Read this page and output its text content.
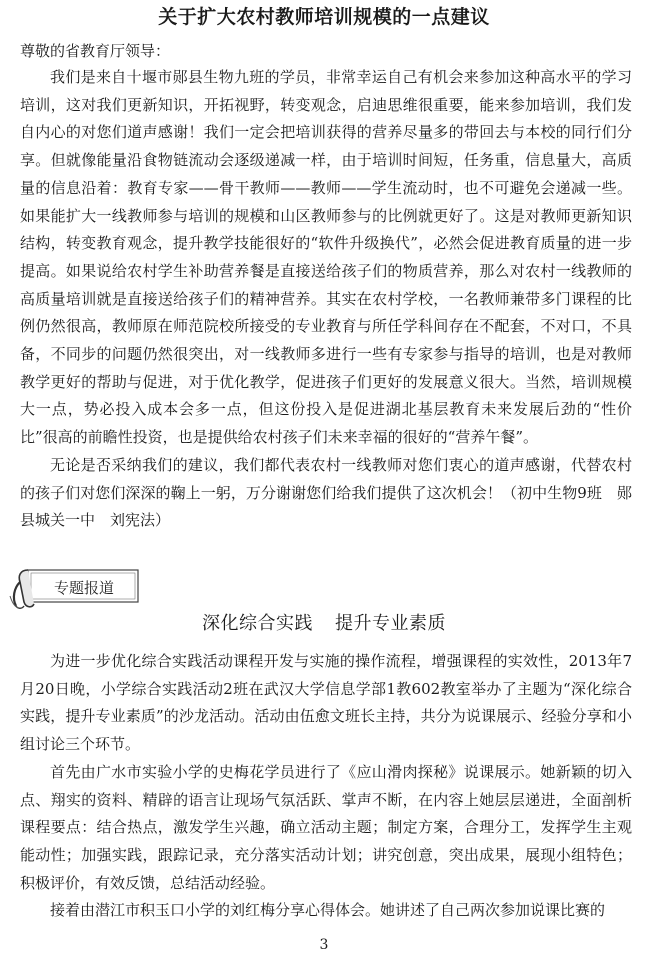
关于扩大农村教师培训规模的一点建议
尊敬的省教育厅领导：

我们是来自十堰市郧县生物九班的学员，非常幸运自己有机会来参加这种高水平的学习培训，这对我们更新知识，开拓视野，转变观念，启迪思维很重要，能来参加培训，我们发自内心的对您们道声感谢！我们一定会把培训获得的营养尽量多的带回去与本校的同行们分享。但就像能量沿食物链流动会逐级递减一样，由于培训时间短，任务重，信息量大，高质量的信息沿着：教育专家——骨干教师——教师——学生流动时，也不可避免会递减一些。如果能扩大一线教师参与培训的规模和山区教师参与的比例就更好了。这是对教师更新知识结构，转变教育观念，提升教学技能很好的“软件升级换代”，必然会促进教育质量的进一步提高。如果说给农村学生补助营养餐是直接送给孩子们的物质营养，那么对农村一线教师的高质量培训就是直接送给孩子们的精神营养。其实在农村学校，一名教师兼带多门课程的比例仍然很高，教师原在师范院校所接受的专业教育与所任学科间存在不配套，不对口，不具备，不同步的问题仍然很突出，对一线教师多进行一些有专家参与指导的培训，也是对教师教学更好的帮助与促进，对于优化教学，促进孩子们更好的发展意义很大。当然，培训规模大一点，势必投入成本会多一点，但这份投入是促进湖北基层教育未来发展后劲的“性价比”很高的前瞻性投资，也是提供给农村孩子们未来幸福的很好的“营养午餐”。

无论是否采纳我们的建议，我们都代表农村一线教师对您们衷心的道声感谢，代替农村的孩子们对您们深深的鞠上一躬，万分谢谢您们给我们提供了这次机会！（初中生物9班　郧县城关一中　刘宪法）

专题报道
深化综合实践 提升专业素质

为进一步优化综合实践活动课程开发与实施的操作流程，增强课程的实效性，2013年7月20日晚，小学综合实践活动2班在武汉大学信息学部1教602教室举办了主题为“深化综合实践，提升专业素质”的沙龙活动。活动由伍愈文班长主持，共分为说课展示、经验分享和小组讨论三个环节。

首先由广水市实验小学的史梅花学员进行了《应山滑肉探秘》说课展示。她新颖的切入点、翔实的资料、精辟的语言让现场气氛活跃、掌声不断，在内容上她层层递进，全面剖析课程要点：结合热点，激发学生兴趣，确立活动主题；制定方案，合理分工，发挥学生主观能动性；加强实践，跟踪记录，充分落实活动计划；讲究创意，突出成果，展现小组特色；积极评价，有效反馈，总结活动经验。

接着由潜江市积玉口小学的刘红梅分享心得体会。她讲述了自己两次参加说课比赛的

3
